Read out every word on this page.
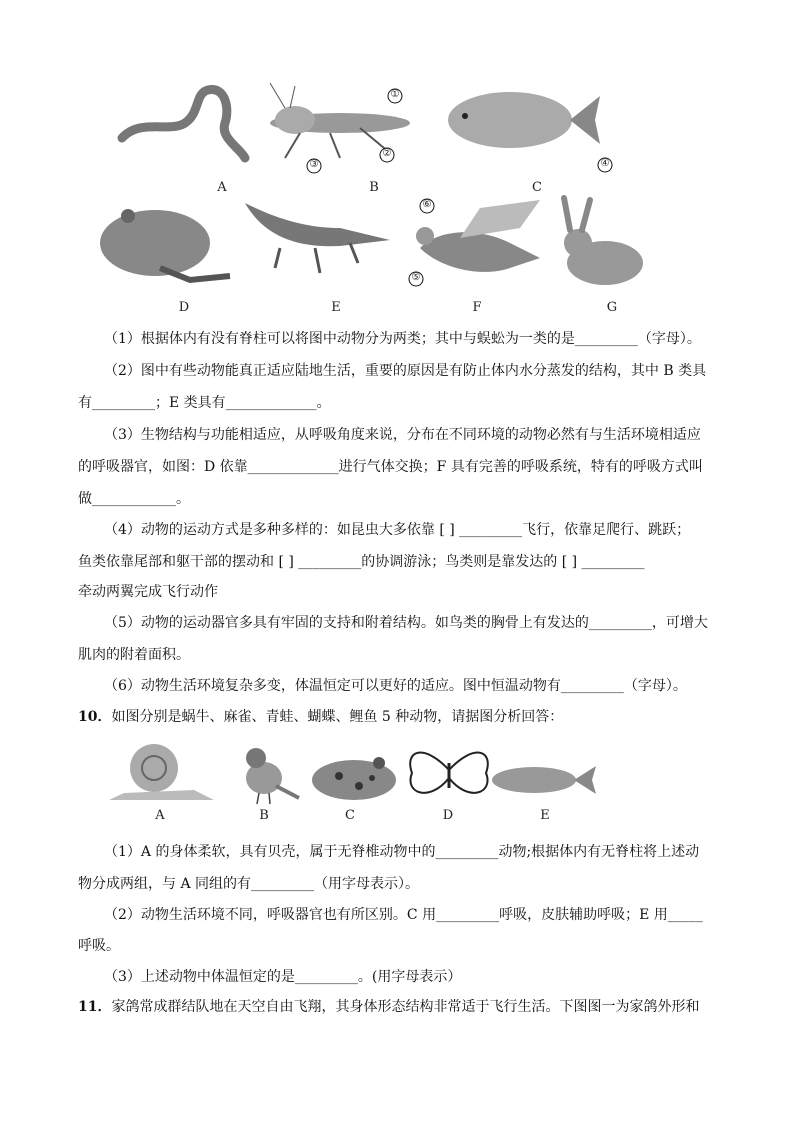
①
②
③	④
⑤
⑥
A	B	C
D	E	F	G
（1）根据体内有没有脊柱可以将图中动物分为两类；其中与蜈蚣为一类的是_________（字母）。
（2）图中有些动物能真正适应陆地生活，重要的原因是有防止体内水分蒸发的结构，其中 B 类具
有_________；E 类具有_____________。
（3）生物结构与功能相适应，从呼吸角度来说，分布在不同环境的动物必然有与生活环境相适应
的呼吸器官，如图：D 依靠_____________进行气体交换；F 具有完善的呼吸系统，特有的呼吸方式叫
做____________。
（4）动物的运动方式是多种多样的：如昆虫大多依靠 [ ] _________飞行，依靠足爬行、跳跃；
鱼类依靠尾部和躯干部的摆动和 [ ] _________的协调游泳；鸟类则是靠发达的 [ ] _________
牵动两翼完成飞行动作
（5）动物的运动器官多具有牢固的支持和附着结构。如鸟类的胸骨上有发达的_________，可增大
肌肉的附着面积。
（6）动物生活环境复杂多变，体温恒定可以更好的适应。图中恒温动物有_________（字母）。
10．如图分别是蜗牛、麻雀、青蛙、蝴蝶、鲤鱼 5 种动物，请据图分析回答：
A	B	C	D	E
（1）A 的身体柔软，具有贝壳，属于无脊椎动物中的_________动物;根据体内有无脊柱将上述动
物分成两组，与 A 同组的有_________（用字母表示）。
（2）动物生活环境不同，呼吸器官也有所区别。C 用_________呼吸，皮肤辅助呼吸；E 用_____
呼吸。
（3）上述动物中体温恒定的是_________。(用字母表示）
11．家鸽常成群结队地在天空自由飞翔，其身体形态结构非常适于飞行生活。下图图一为家鸽外形和
